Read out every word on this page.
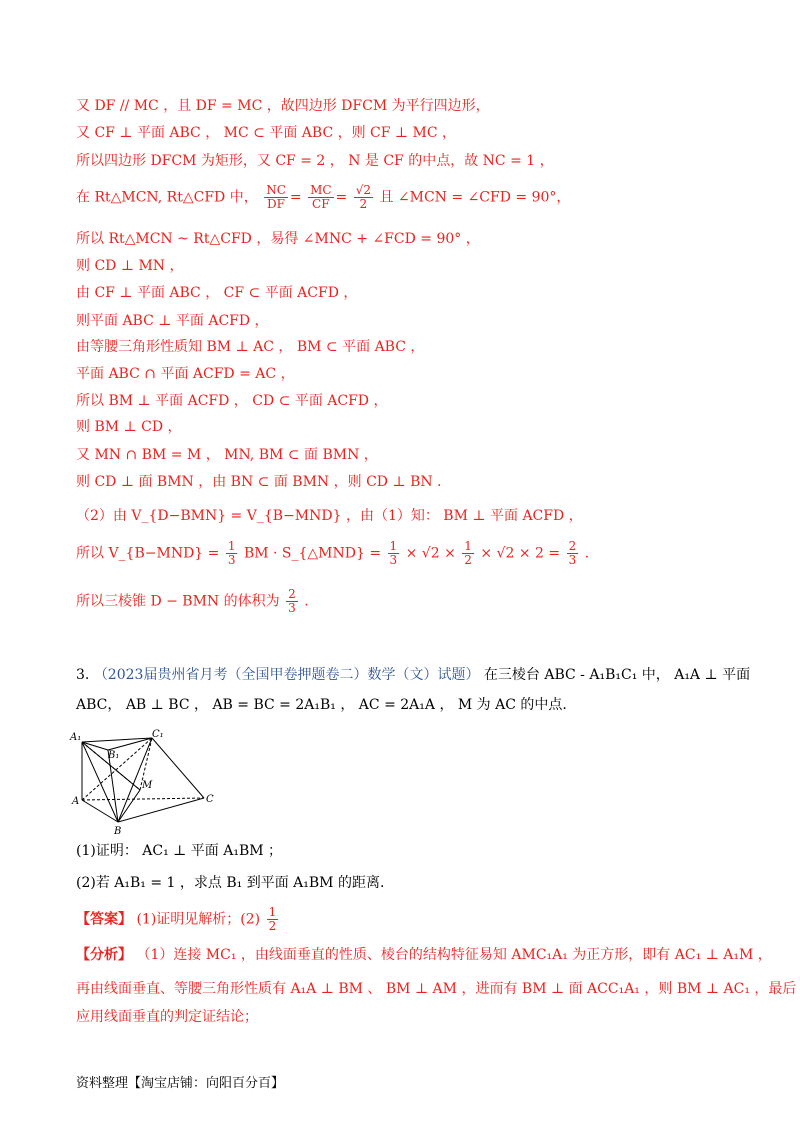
又 DF // MC ，且 DF = MC ，故四边形 DFCM 为平行四边形，
又 CF ⊥ 平面 ABC ， MC ⊂ 平面 ABC ，则 CF ⊥ MC ，
所以四边形 DFCM 为矩形，又 CF = 2 ， N 是 CF 的中点，故 NC = 1 ，
在 Rt△MCN, Rt△CFD 中， $\frac{NC}{DF} = \frac{MC}{CF} = \frac{√2}{2}$ 且 ∠MCN = ∠CFD = 90°，
所以 Rt△MCN ~ Rt△CFD ，易得 ∠MNC + ∠FCD = 90° ，
则 CD ⊥ MN ，
由 CF ⊥ 平面 ABC ， CF ⊂ 平面 ACFD ，
则平面 ABC ⊥ 平面 ACFD ，
由等腰三角形性质知 BM ⊥ AC ， BM ⊂ 平面 ABC ，
平面 ABC ∩ 平面 ACFD = AC ，
所以 BM ⊥ 平面 ACFD ， CD ⊂ 平面 ACFD ，
则 BM ⊥ CD ，
又 MN ∩ BM = M ， MN, BM ⊂ 面 BMN ，
则 CD ⊥ 面 BMN ，由 BN ⊂ 面 BMN ，则 CD ⊥ BN .
（2）由 V_{D−BMN} = V_{B−MND} ，由（1）知： BM ⊥ 平面 ACFD ，
所以 V_{B−MND} = $\frac{1}{3}$ BM · S_{△MND} = $\frac{1}{3} \times √2 \times \frac{1}{2} \times √2 \times 2 = \frac{2}{3}$ .
所以三棱锥 D − BMN 的体积为 $\frac{2}{3}$ .
3. （2023届贵州省月考（全国甲卷押题卷二）数学（文）试题） 在三棱台 ABC - A₁B₁C₁ 中， A₁A ⊥ 平面
ABC， AB ⊥ BC ， AB = BC = 2A₁B₁ ， AC = 2A₁A ， M 为 AC 的中点.
A₁
B₁
C₁
A
B
C
M
(1)证明： AC₁ ⊥ 平面 A₁BM ；
(2)若 A₁B₁ = 1 ，求点 B₁ 到平面 A₁BM 的距离.
【答案】 (1)证明见解析；$(2) \frac{1}{2}$
【分析】 （1）连接 MC₁ ，由线面垂直的性质、棱台的结构特征易知 AMC₁A₁ 为正方形，即有 AC₁ ⊥ A₁M ，
再由线面垂直、等腰三角形性质有 A₁A ⊥ BM 、 BM ⊥ AM ，进而有 BM ⊥ 面 ACC₁A₁ ，则 BM ⊥ AC₁ ，最后
应用线面垂直的判定证结论；
资料整理【淘宝店铺：向阳百分百】
